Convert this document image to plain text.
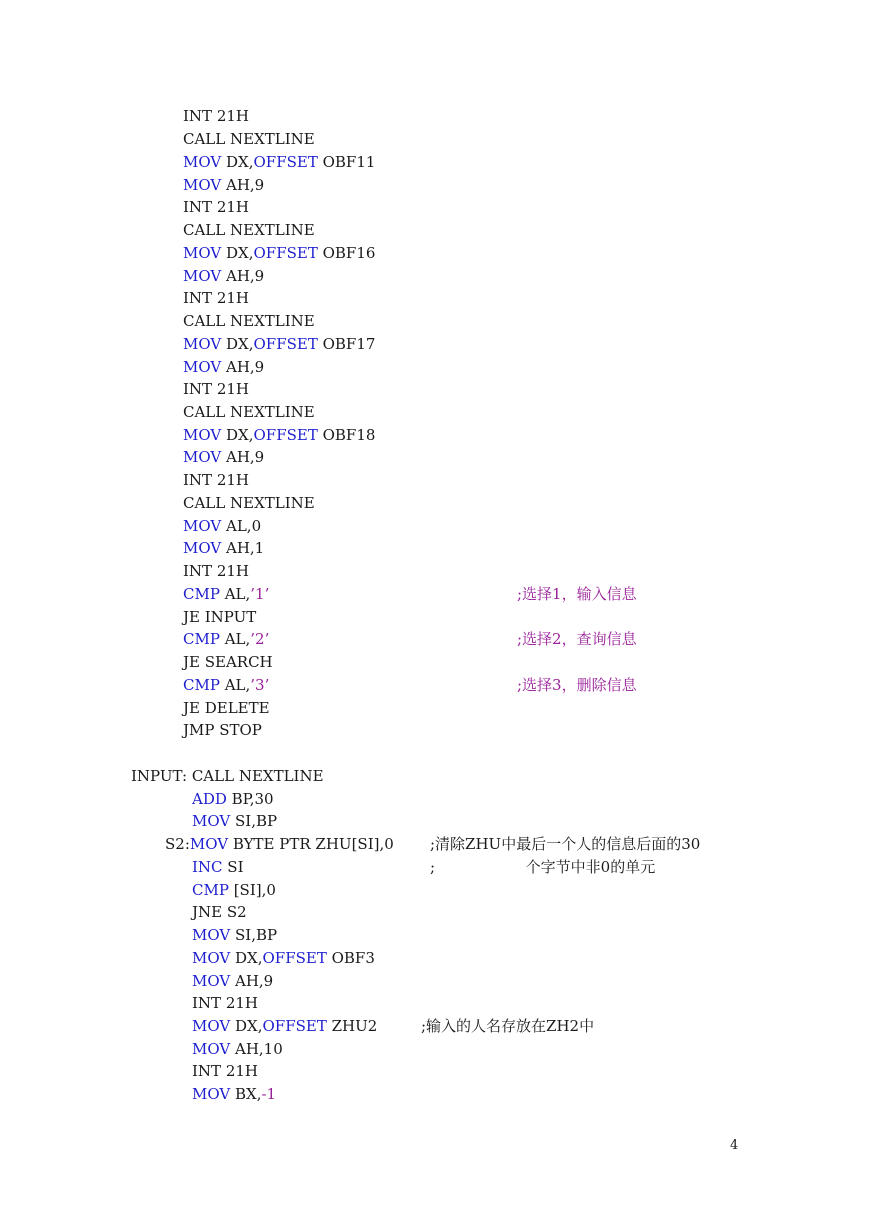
INT 21H
CALL NEXTLINE
MOV DX,OFFSET OBF11
MOV AH,9
INT 21H
CALL NEXTLINE
MOV DX,OFFSET OBF16
MOV AH,9
INT 21H
CALL NEXTLINE
MOV DX,OFFSET OBF17
MOV AH,9
INT 21H
CALL NEXTLINE
MOV DX,OFFSET OBF18
MOV AH,9
INT 21H
CALL NEXTLINE
MOV AL,0
MOV AH,1
INT 21H
CMP AL,’1’	;选择1，输入信息
JE INPUT
CMP AL,’2’	;选择2，查询信息
JE SEARCH
CMP AL,’3’	;选择3，删除信息
JE DELETE
JMP STOP
INPUT: CALL NEXTLINE
ADD BP,30
MOV SI,BP
S2:MOV BYTE PTR ZHU[SI],0 ;清除ZHU中最后一个人的信息后面的30
INC SI	;                   个字节中非0的单元
CMP [SI],0
JNE S2
MOV SI,BP
MOV DX,OFFSET OBF3
MOV AH,9
INT 21H
MOV DX,OFFSET ZHU2	;输入的人名存放在ZH2中
MOV AH,10
INT 21H
MOV BX,-1
4
